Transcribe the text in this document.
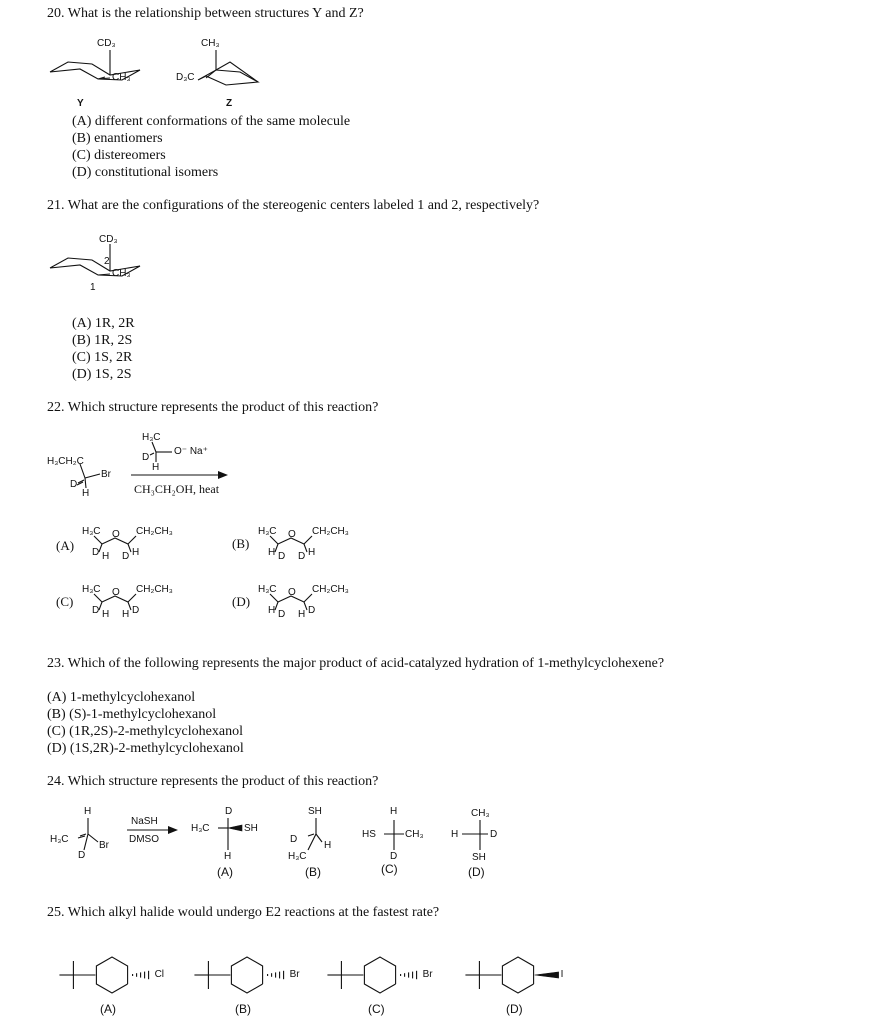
20. What is the relationship between structures Y and Z?
CD₃
CH₃
CH₃
D₃C
Y	Z
(A) different conformations of the same molecule
(B) enantiomers
(C) distereomers
(D) constitutional isomers
21. What are the configurations of the stereogenic centers labeled 1 and 2, respectively?
CD₃
2
CH₃
1
(A) 1R, 2R
(B) 1R, 2S
(C) 1S, 2R
(D) 1S, 2S
22. Which structure represents the product of this reaction?
H₃CH₂C
Br
D
H
H₃C
D
O⁻ Na⁺
H
CH₃CH₂OH, heat
(A)	(B)
(C)	(D)
H₃C O CH₂CH₃
D H D H
H₃C O CH₂CH₃
H D D H
H₃C O CH₂CH₃
D H H D
H₃C O CH₂CH₃
H D H D
23. Which of the following represents the major product of acid-catalyzed hydration of 1-methylcyclohexene?
(A) 1-methylcyclohexanol
(B) (S)-1-methylcyclohexanol
(C) (1R,2S)-2-methylcyclohexanol
(D) (1S,2R)-2-methylcyclohexanol
24. Which structure represents the product of this reaction?
H
H₃C
Br
D
NaSH
DMSO
D
H₃C	SH
H
(A)
SH
D
H
H₃C
(B)
H
HS	CH₃
D
(C)
CH₃
H	D
SH
(D)
25. Which alkyl halide would undergo E2 reactions at the fastest rate?
Cl
(A)
Br
(B)
Br
(C)
I
(D)
